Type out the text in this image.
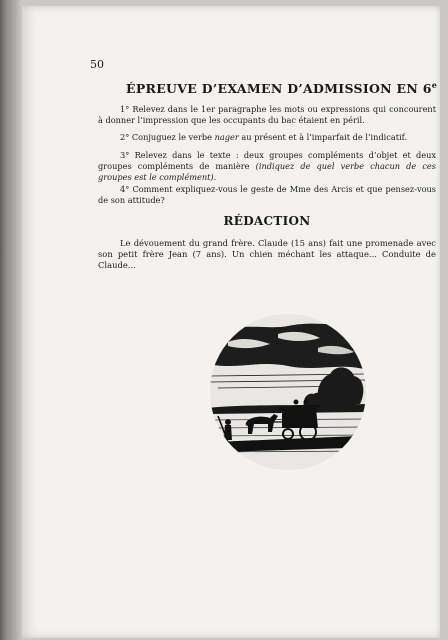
50
ÉPREUVE D’EXAMEN D’ADMISSION EN 6e
1° Relevez dans le 1er paragraphe les mots ou expressions qui concourent à donner l’impression que les occupants du bac étaient en péril.
2° Conjuguez le verbe nager au présent et à l’imparfait de l’indicatif.
3° Relevez dans le texte : deux groupes compléments d’objet et deux groupes compléments de manière (indiquez de quel verbe chacun de ces groupes est le complément).
4° Comment expliquez-vous le geste de Mme des Arcis et que pensez-vous de son attitude?
RÉDACTION
Le dévouement du grand frère. Claude (15 ans) fait une promenade avec son petit frère Jean (7 ans). Un chien méchant les attaque... Conduite de Claude...
